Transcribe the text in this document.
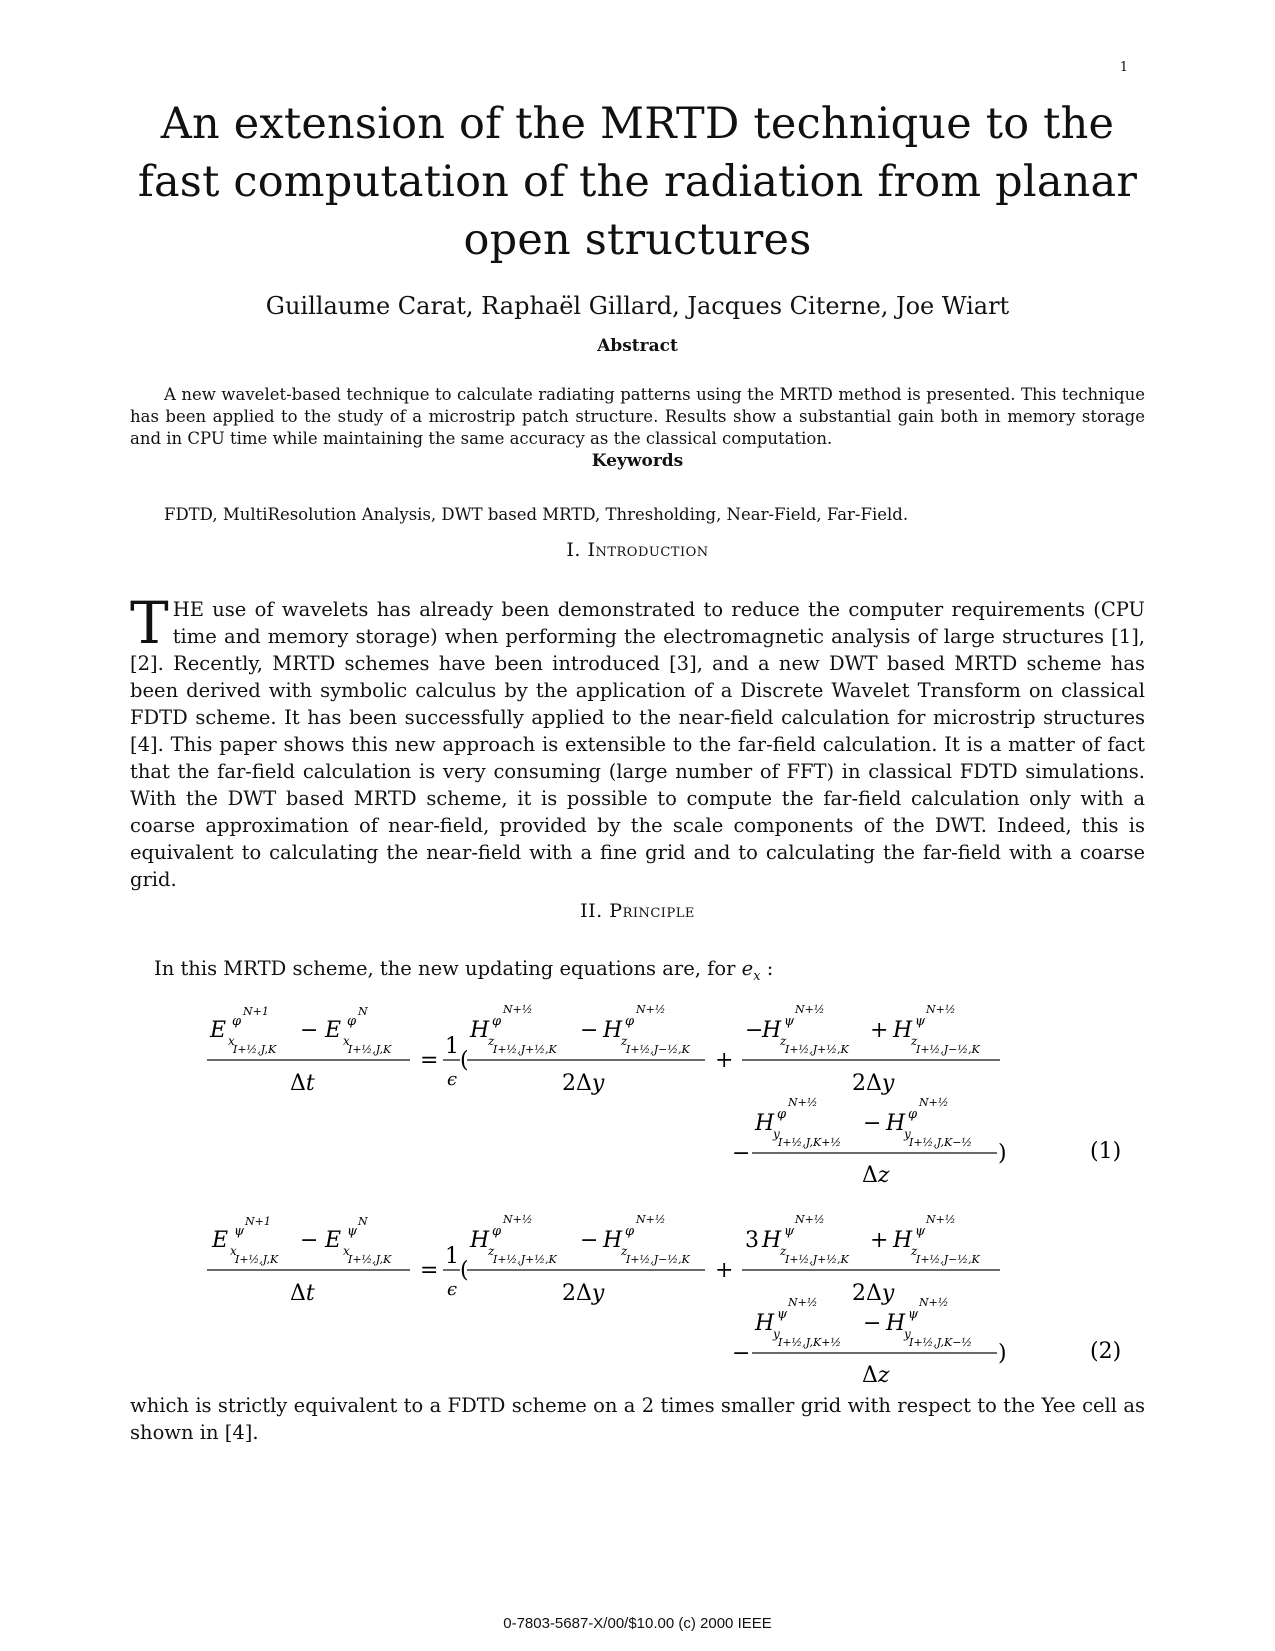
1
An extension of the MRTD technique to the fast computation of the radiation from planar open structures
Guillaume Carat, Raphaël Gillard, Jacques Citerne, Joe Wiart
Abstract

A new wavelet-based technique to calculate radiating patterns using the MRTD method is presented. This technique has been applied to the study of a microstrip patch structure. Results show a substantial gain both in memory storage and in CPU time while maintaining the same accuracy as the classical computation.

Keywords
FDTD, MultiResolution Analysis, DWT based MRTD, Thresholding, Near-Field, Far-Field.
I. Introduction

THE use of wavelets has already been demonstrated to reduce the computer requirements (CPU time and memory storage) when performing the electromagnetic analysis of large structures [1], [2]. Recently, MRTD schemes have been introduced [3], and a new DWT based MRTD scheme has been derived with symbolic calculus by the application of a Discrete Wavelet Transform on classical FDTD scheme. It has been successfully applied to the near-field calculation for microstrip structures [4]. This paper shows this new approach is extensible to the far-field calculation. It is a matter of fact that the far-field calculation is very consuming (large number of FFT) in classical FDTD simulations. With the DWT based MRTD scheme, it is possible to compute the far-field calculation only with a coarse approximation of near-field, provided by the scale components of the DWT. Indeed, this is equivalent to calculating the near-field with a fine grid and to calculating the far-field with a coarse grid.

II. Principle
In this MRTD scheme, the new updating equations are, for $e_x$ :
E x
I+½,J,K
φ
N+1
− E x
I+½,J,K
φ
N
Δt
=
1
ϵ
(
H
z
I+½,J+½,K
φ
N+½
− H
z
I+½,J−½,K
φ
N+½
2Δy
+
−
H
z
I+½,J+½,K
ψ
N+½
+ H
z
I+½,J−½,K
ψ
N+½
2Δy
−
H
y
I+½,J,K+½
φ
N+½
− H
y
I+½,J,K−½
φ
N+½
Δz
)	(1)
E x
I+½,J,K
ψ
N+1
− E x
I+½,J,K
ψ
N
Δt
=
1
ϵ
(
H
z
I+½,J+½,K
φ
N+½
− H
z
I+½,J−½,K
φ
N+½
2Δy
+
3 H
z
I+½,J+½,K
ψ
N+½
+ H
z
I+½,J−½,K
ψ
N+½
2Δy
−
H
y
I+½,J,K+½
ψ
N+½
− H
y
I+½,J,K−½
ψ
N+½
Δz
)	(2)

which is strictly equivalent to a FDTD scheme on a 2 times smaller grid with respect to the Yee cell as shown in [4].

0-7803-5687-X/00/$10.00 (c) 2000 IEEE
